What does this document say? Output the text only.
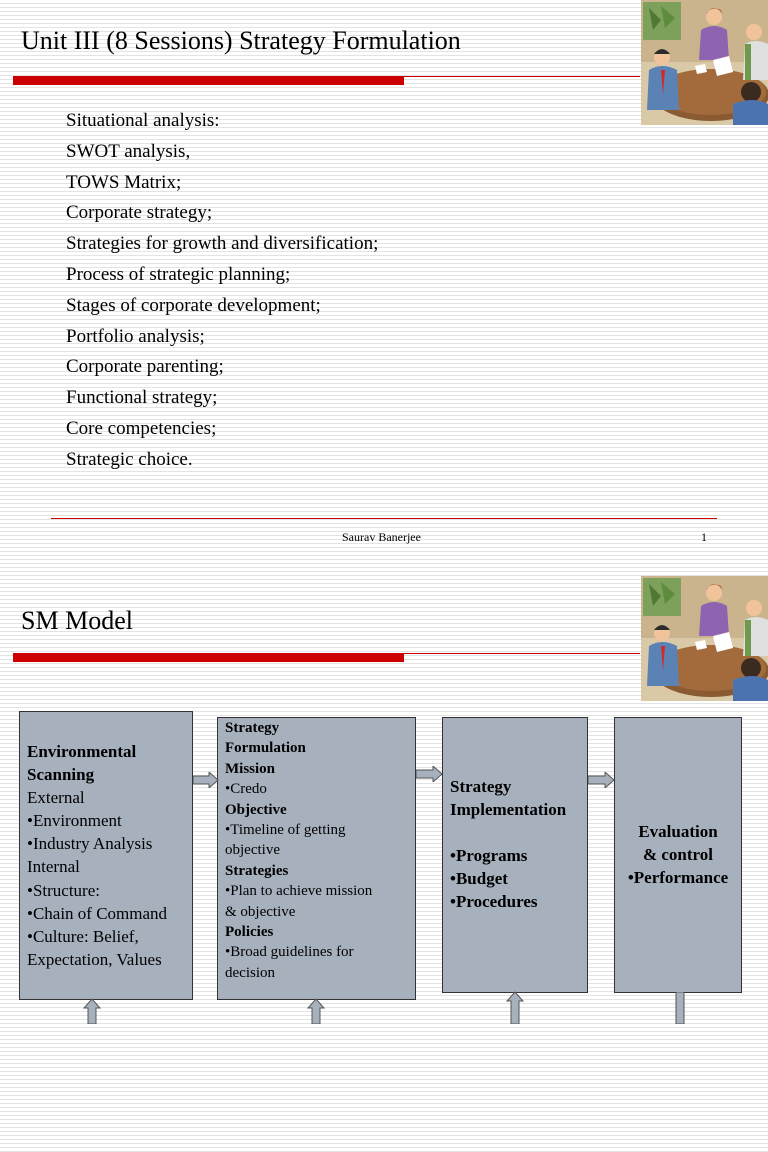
Unit III (8 Sessions) Strategy Formulation
Situational analysis:
SWOT analysis,
TOWS Matrix;
Corporate strategy;
Strategies for growth and diversification;
Process of strategic planning;
Stages of corporate development;
Portfolio analysis;
Corporate parenting;
Functional strategy;
Core competencies;
Strategic choice.
Saurav Banerjee	1
SM Model
Environmental
Scanning
External
•Environment
•Industry Analysis
Internal
•Structure:
•Chain of Command
•Culture: Belief,
Expectation, Values
Strategy
Formulation
Mission
•Credo
Objective
•Timeline of getting
objective
Strategies
•Plan to achieve mission
& objective
Policies
•Broad guidelines for
decision
Strategy
Implementation
•Programs
•Budget
•Procedures
Evaluation
& control
•Performance
